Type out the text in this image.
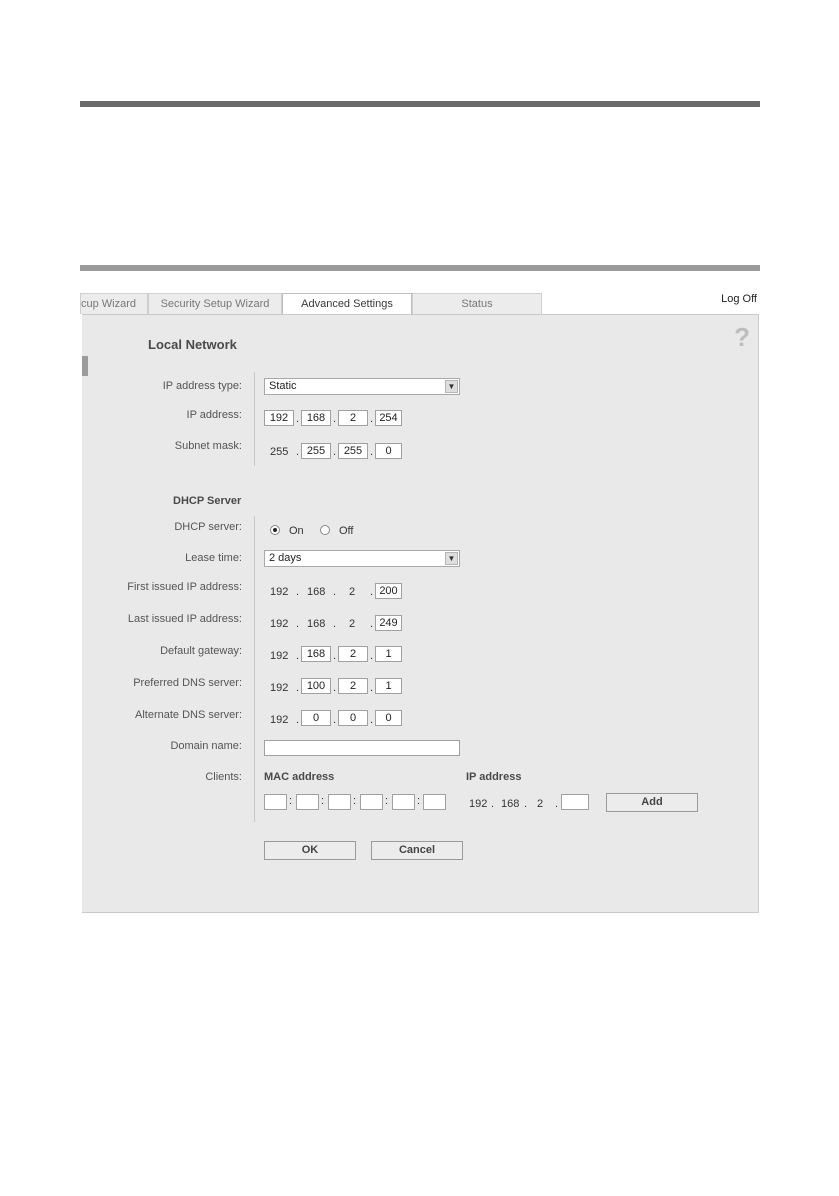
cup Wizard	Security Setup Wizard	Advanced Settings	Status	Log Off
?
Local Network
IP address type:	Static	▼
IP address:	192 . 168 .	2	. 254
Subnet mask:	255 . 255 . 255 .	0
DHCP Server
DHCP server:	On	Off
Lease time:	2 days	▼
First issued IP address:	192 . 168 . 2 . 200
Last issued IP address:	192 . 168 . 2 . 249
Default gateway:	192 . 168 .	2	.	1
Preferred DNS server:	192 . 100 .	2	.	1
Alternate DNS server:	192 .	0	.	0	.	0
Domain name:
Clients: MAC address	IP address
:	:	:	:	:	192 . 168 . 2 .	Add
OK	Cancel
